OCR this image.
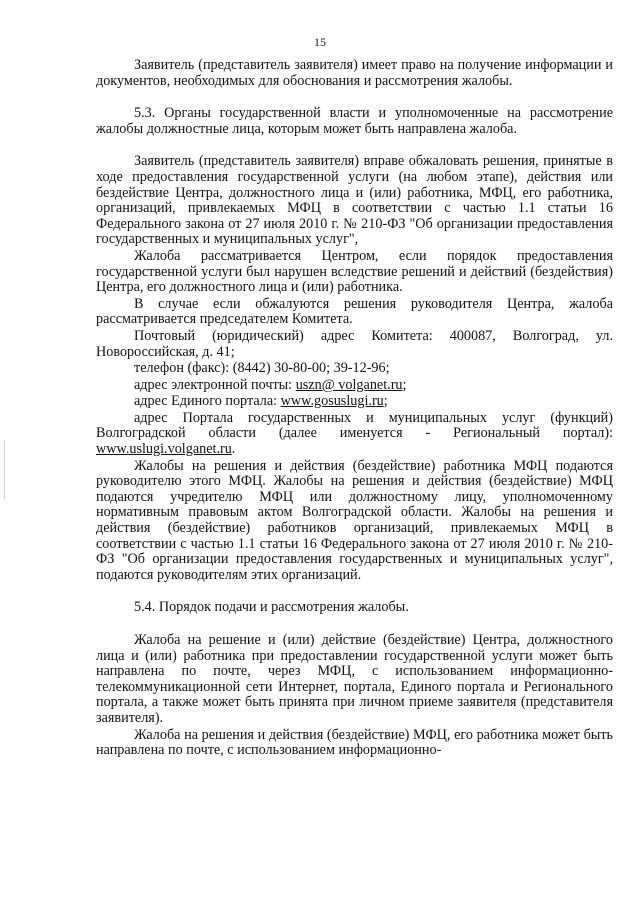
15

Заявитель (представитель заявителя) имеет право на получение информации и документов, необходимых для обоснования и рассмотрения жалобы.

5.3. Органы государственной власти и уполномоченные на рассмотрение жалобы должностные лица, которым может быть направлена жалоба.

Заявитель (представитель заявителя) вправе обжаловать решения, принятые в ходе предоставления государственной услуги (на любом этапе), действия или бездействие Центра, должностного лица и (или) работника, МФЦ, его работника, организаций, привлекаемых МФЦ в соответствии с частью 1.1 статьи 16 Федерального закона от 27 июля 2010 г. № 210-ФЗ "Об организации предоставления государственных и муниципальных услуг",

Жалоба рассматривается Центром, если порядок предоставления государственной услуги был нарушен вследствие решений и действий (бездействия) Центра, его должностного лица и (или) работника.

В случае если обжалуются решения руководителя Центра, жалоба рассматривается председателем Комитета.

Почтовый (юридический) адрес Комитета: 400087, Волгоград, ул. Новороссийская, д. 41;

телефон (факс): (8442) 30-80-00; 39-12-96;

адрес электронной почты: uszn@ volganet.ru;

адрес Единого портала: www.gosuslugi.ru;

адрес Портала государственных и муниципальных услуг (функций) Волгоградской области (далее именуется - Региональный портал): www.uslugi.volganet.ru.

Жалобы на решения и действия (бездействие) работника МФЦ подаются руководителю этого МФЦ. Жалобы на решения и действия (бездействие) МФЦ подаются учредителю МФЦ или должностному лицу, уполномоченному нормативным правовым актом Волгоградской области. Жалобы на решения и действия (бездействие) работников организаций, привлекаемых МФЦ в соответствии с частью 1.1 статьи 16 Федерального закона от 27 июля 2010 г. № 210-ФЗ "Об организации предоставления государственных и муниципальных услуг", подаются руководителям этих организаций.

5.4. Порядок подачи и рассмотрения жалобы.

Жалоба на решение и (или) действие (бездействие) Центра, должностного лица и (или) работника при предоставлении государственной услуги может быть направлена по почте, через МФЦ, с использованием информационно-телекоммуникационной сети Интернет, портала, Единого портала и Регионального портала, а также может быть принята при личном приеме заявителя (представителя заявителя).

Жалоба на решения и действия (бездействие) МФЦ, его работника может быть направлена по почте, с использованием информационно-
